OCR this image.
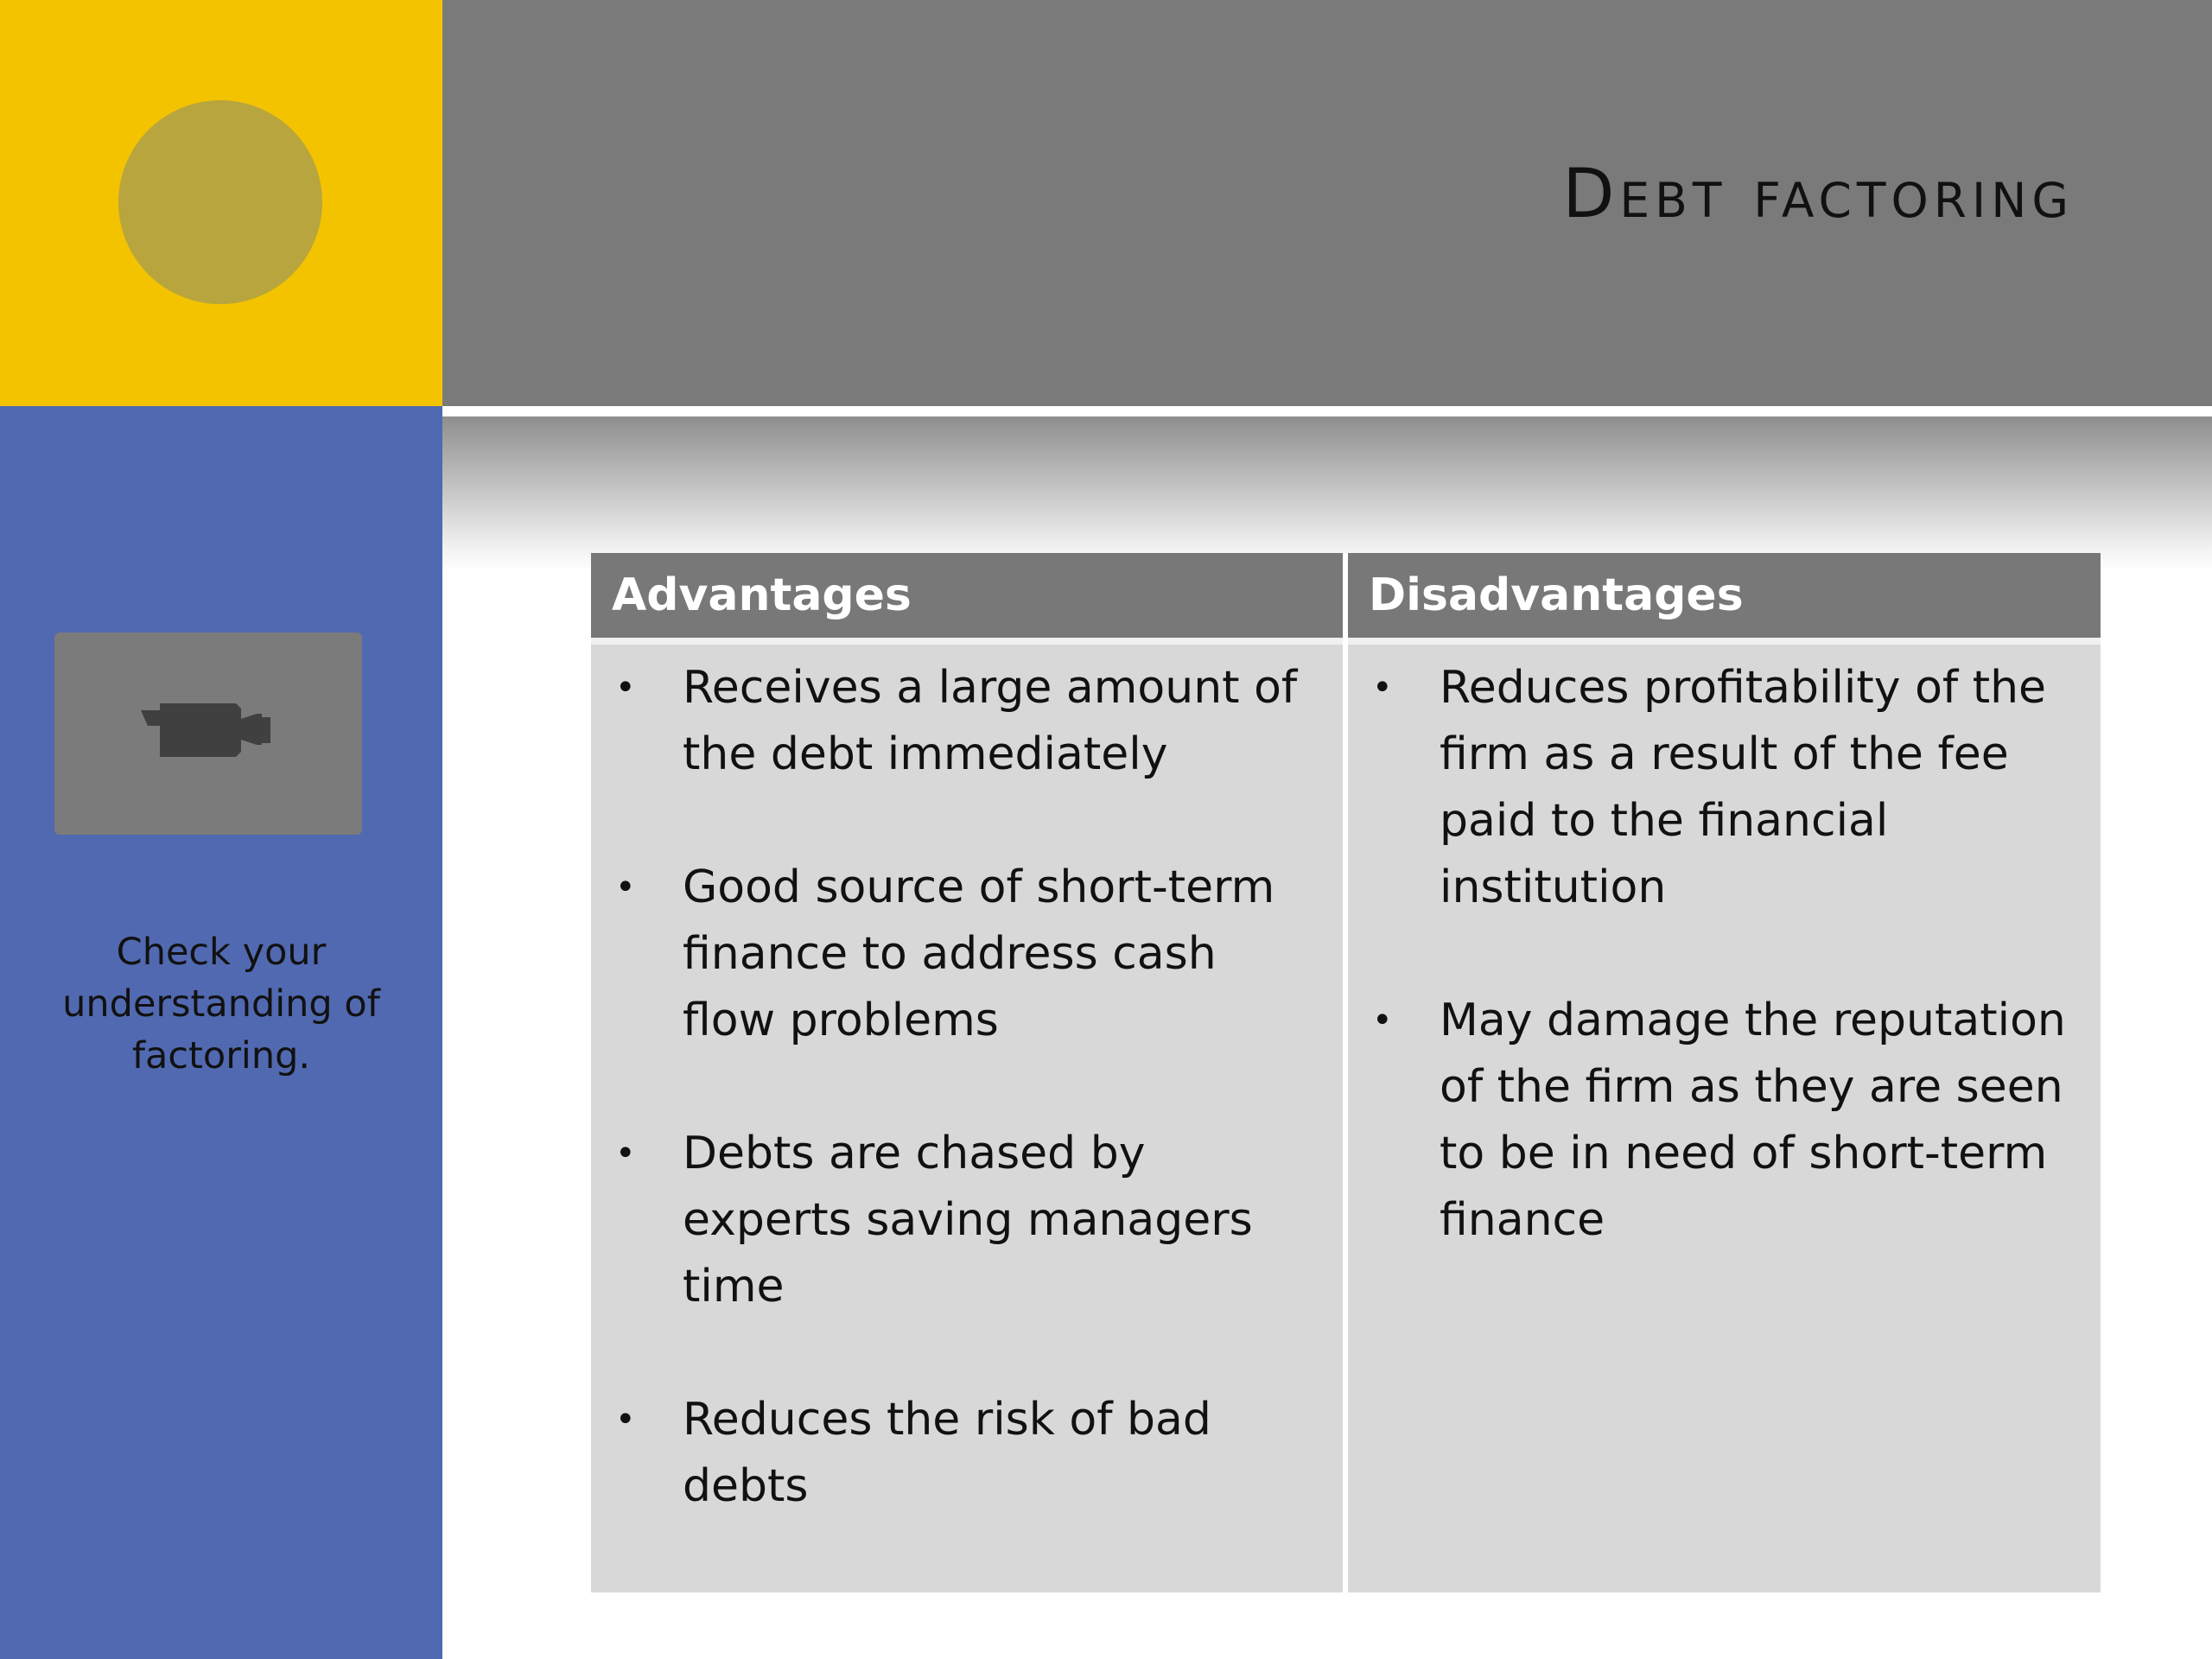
Debt factoring
Check your understanding of factoring.
Advantages
• Receives a large amount of the debt immediately
• Good source of short-term finance to address cash flow problems
• Debts are chased by experts saving managers time
• Reduces the risk of bad debts
Disadvantages
• Reduces profitability of the firm as a result of the fee paid to the financial institution
• May damage the reputation of the firm as they are seen to be in need of short-term finance
